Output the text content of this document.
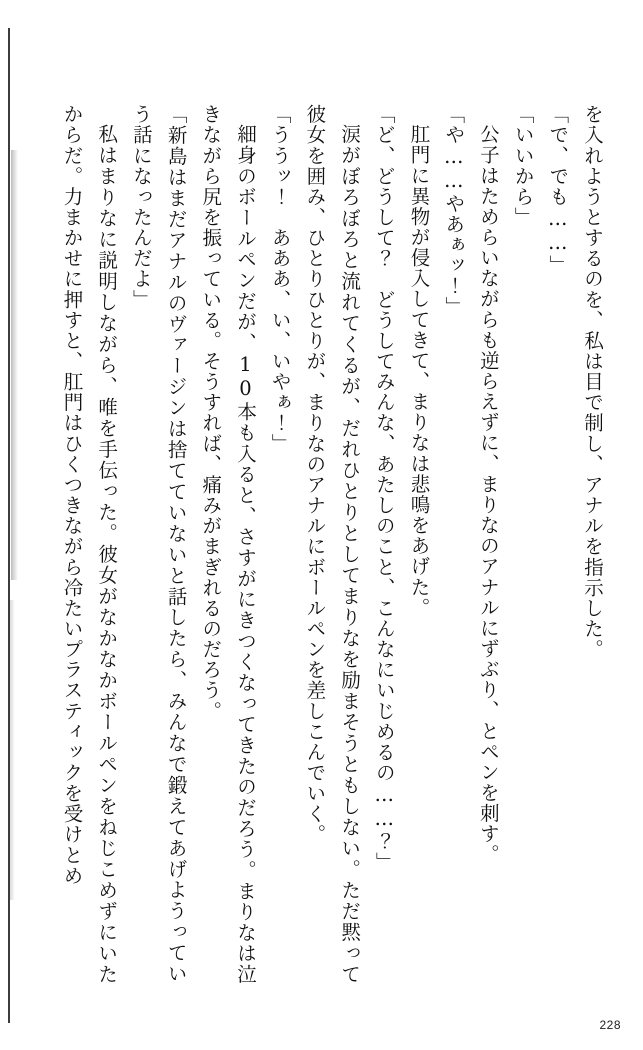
を入れようとするのを、私は目で制し、アナルを指示した。

「で、でも……」

「いいから」

公子はためらいながらも逆らえずに、まりなのアナルにずぶり、とペンを刺す。

「や……やあぁッ！」

肛門に異物が侵入してきて、まりなは悲鳴をあげた。

「ど、どうして？　どうしてみんな、あたしのこと、こんなにいじめるの……？」

涙がぼろぼろと流れてくるが、だれひとりとしてまりなを励まそうともしない。ただ黙って彼女を囲み、ひとりひとりが、まりなのアナルにボールペンを差しこんでいく。

「ううッ！　あああ、い、いやぁ！」

細身のボールペンだが、10本も入ると、さすがにきつくなってきたのだろう。まりなは泣きながら尻を振っている。そうすれば、痛みがまぎれるのだろう。

「新島はまだアナルのヴァージンは捨てていないと話したら、みんなで鍛えてあげようっていう話になったんだよ」

私はまりなに説明しながら、唯を手伝った。彼女がなかなかボールペンをねじこめずにいたからだ。力まかせに押すと、肛門はひくつきながら冷たいプラスティックを受けとめ

228
